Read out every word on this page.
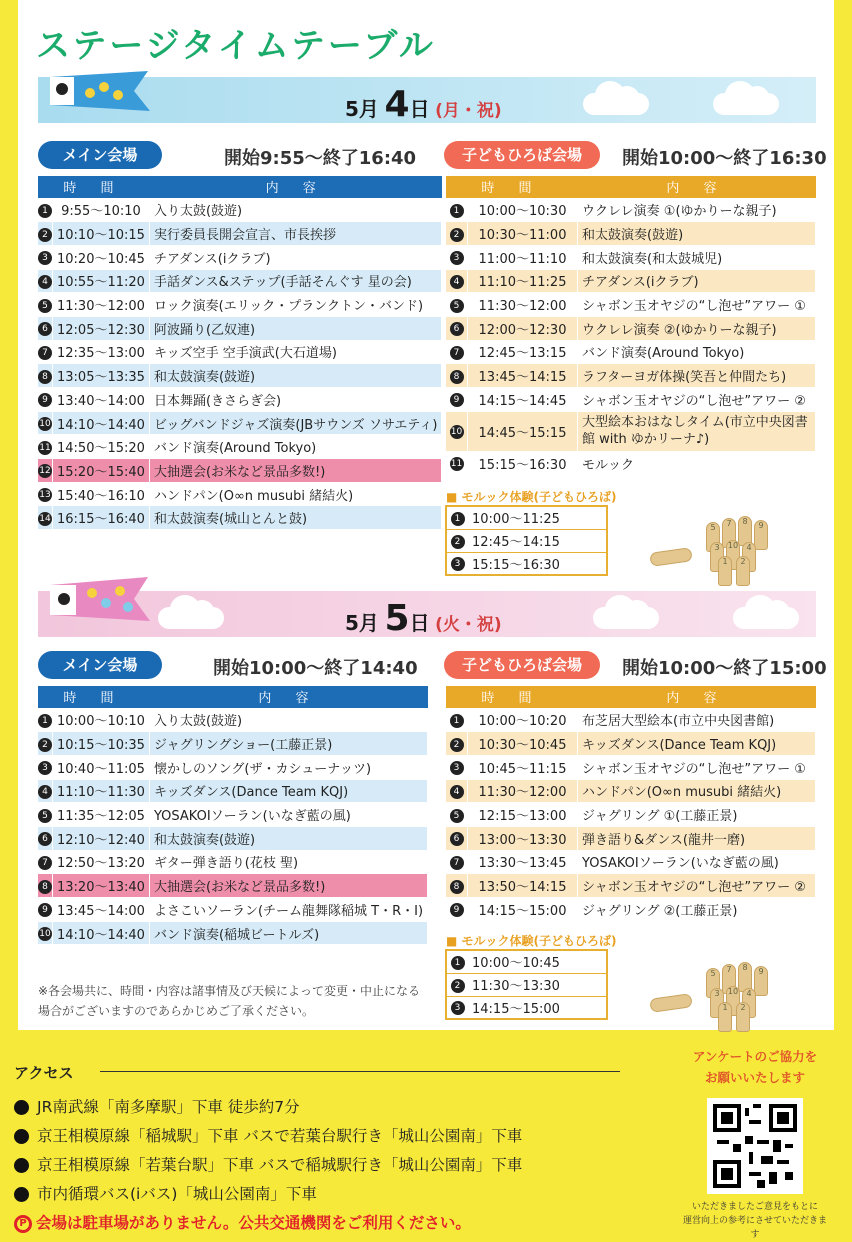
ステージタイムテーブル
5月 4日 (月・祝)
メイン会場	開始9:55〜終了16:40	子どもひろば会場	開始10:00〜終了16:30
時 間		内 容
1	9:55〜10:10	入り太鼓(鼓遊)
2	10:10〜10:15	実行委員長開会宣言、市長挨拶
3	10:20〜10:45	チアダンス(iクラブ)
4	10:55〜11:20	手話ダンス&ステップ(手話そんぐす 星の会)
5	11:30〜12:00	ロック演奏(エリック・プランクトン・バンド)
6	12:05〜12:30	阿波踊り(乙奴連)
7	12:35〜13:00	キッズ空手 空手演武(大石道場)
8	13:05〜13:35	和太鼓演奏(鼓遊)
9	13:40〜14:00	日本舞踊(きさらぎ会)
10	14:10〜14:40	ビッグバンドジャズ演奏(JBサウンズ ソサエティ)
11	14:50〜15:20	バンド演奏(Around Tokyo)
12	15:20〜15:40	大抽選会(お米など景品多数!)
13	15:40〜16:10	ハンドパン(O∞n musubi 緒結火)
14	16:15〜16:40	和太鼓演奏(城山とんと鼓)
時 間		内 容
1	10:00〜10:30	ウクレレ演奏 ①(ゆかりーな親子)
2	10:30〜11:00	和太鼓演奏(鼓遊)
3	11:00〜11:10	和太鼓演奏(和太鼓城児)
4	11:10〜11:25	チアダンス(iクラブ)
5	11:30〜12:00	シャボン玉オヤジの“し泡せ”アワー ①
6	12:00〜12:30	ウクレレ演奏 ②(ゆかりーな親子)
7	12:45〜13:15	バンド演奏(Around Tokyo)
8	13:45〜14:15	ラフターヨガ体操(笑吾と仲間たち)
9	14:15〜14:45	シャボン玉オヤジの“し泡せ”アワー ②
10	14:45〜15:15	大型絵本おはなしタイム(市立中央図書館 with ゆかリーナ♪)
11	15:15〜16:30	モルック
■ モルック体験(子どもひろば)
1	10:00〜11:25
2	12:45〜14:15
3	15:15〜16:30
5	7	8	9
3	10	4
1	2
5月 5日 (火・祝)
メイン会場	開始10:00〜終了14:40	子どもひろば会場	開始10:00〜終了15:00
時 間		内 容
1	10:00〜10:10	入り太鼓(鼓遊)
2	10:15〜10:35	ジャグリングショー(工藤正景)
3	10:40〜11:05	懐かしのソング(ザ・カシューナッツ)
4	11:10〜11:30	キッズダンス(Dance Team KQJ)
5	11:35〜12:05	YOSAKOIソーラン(いなぎ藍の風)
6	12:10〜12:40	和太鼓演奏(鼓遊)
7	12:50〜13:20	ギター弾き語り(花枝 聖)
8	13:20〜13:40	大抽選会(お米など景品多数!)
9	13:45〜14:00	よさこいソーラン(チーム龍舞隊稲城 T・R・I)
10	14:10〜14:40	バンド演奏(稲城ビートルズ)
時 間		内 容
1	10:00〜10:20	布芝居大型絵本(市立中央図書館)
2	10:30〜10:45	キッズダンス(Dance Team KQJ)
3	10:45〜11:15	シャボン玉オヤジの“し泡せ”アワー ①
4	11:30〜12:00	ハンドパン(O∞n musubi 緒結火)
5	12:15〜13:00	ジャグリング ①(工藤正景)
6	13:00〜13:30	弾き語り&ダンス(龍井一磨)
7	13:30〜13:45	YOSAKOIソーラン(いなぎ藍の風)
8	13:50〜14:15	シャボン玉オヤジの“し泡せ”アワー ②
9	14:15〜15:00	ジャグリング ②(工藤正景)
■ モルック体験(子どもひろば)
1	10:00〜10:45
2	11:30〜13:30
3	14:15〜15:00
5	7	8	9
3	10	4
1	2
※各会場共に、時間・内容は諸事情及び天候によって変更・中止になる
場合がございますのであらかじめご了承ください。
アクセス
JR南武線「南多摩駅」下車 徒歩約7分
京王相模原線「稲城駅」下車 バスで若葉台駅行き「城山公園南」下車
京王相模原線「若葉台駅」下車 バスで稲城駅行き「城山公園南」下車
市内循環バス(iバス)「城山公園南」下車
P 会場は駐車場がありません。公共交通機関をご利用ください。
アンケートのご協力を
お願いいたします
いただきましたご意見をもとに
運営向上の参考にさせていただきます
